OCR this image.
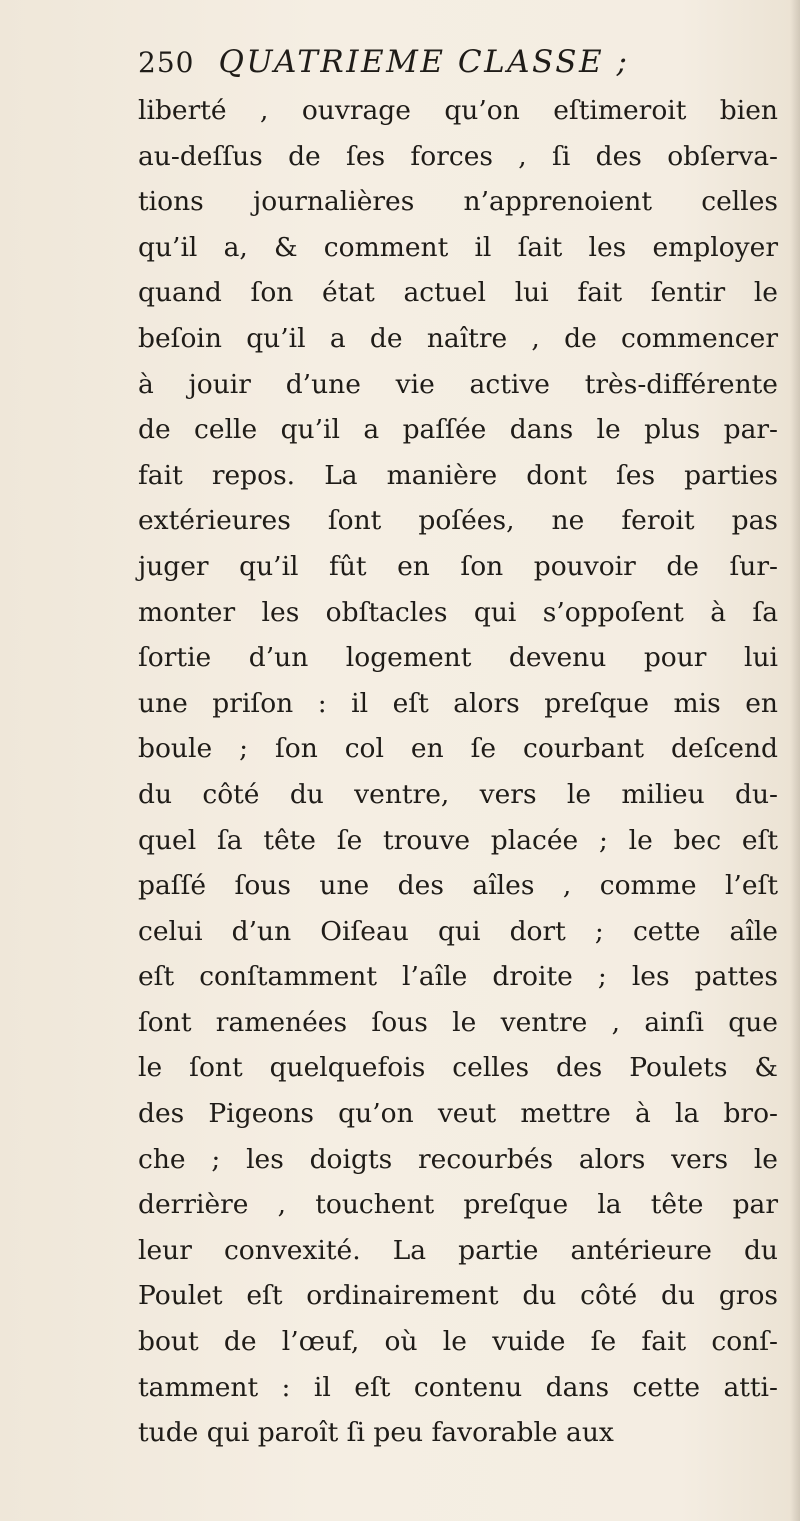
250 QUATRIEME CLASSE ;
liberté , ouvrage qu’on eſtimeroit bien
au-deſſus de ſes forces , ſi des obſerva-
tions journalières n’apprenoient celles
qu’il a, & comment il ſait les employer
quand ſon état actuel lui fait ſentir le
beſoin qu’il a de naître , de commencer
à jouir d’une vie active très-différente
de celle qu’il a paſſée dans le plus par-
fait repos. La manière dont ſes parties
extérieures ſont poſées, ne feroit pas
juger qu’il fût en ſon pouvoir de ſur-
monter les obſtacles qui s’oppoſent à ſa
ſortie d’un logement devenu pour lui
une priſon : il eſt alors preſque mis en
boule ; ſon col en ſe courbant deſcend
du côté du ventre, vers le milieu du-
quel ſa tête ſe trouve placée ; le bec eſt
paſſé ſous une des aîles , comme l’eſt
celui d’un Oiſeau qui dort ; cette aîle
eſt conſtamment l’aîle droite ; les pattes
ſont ramenées ſous le ventre , ainſi que
le ſont quelquefois celles des Poulets &
des Pigeons qu’on veut mettre à la bro-
che ; les doigts recourbés alors vers le
derrière , touchent preſque la tête par
leur convexité. La partie antérieure du
Poulet eſt ordinairement du côté du gros
bout de l’œuf, où le vuide ſe fait conſ-
tamment : il eſt contenu dans cette atti-
tude qui paroît ſi peu favorable aux
